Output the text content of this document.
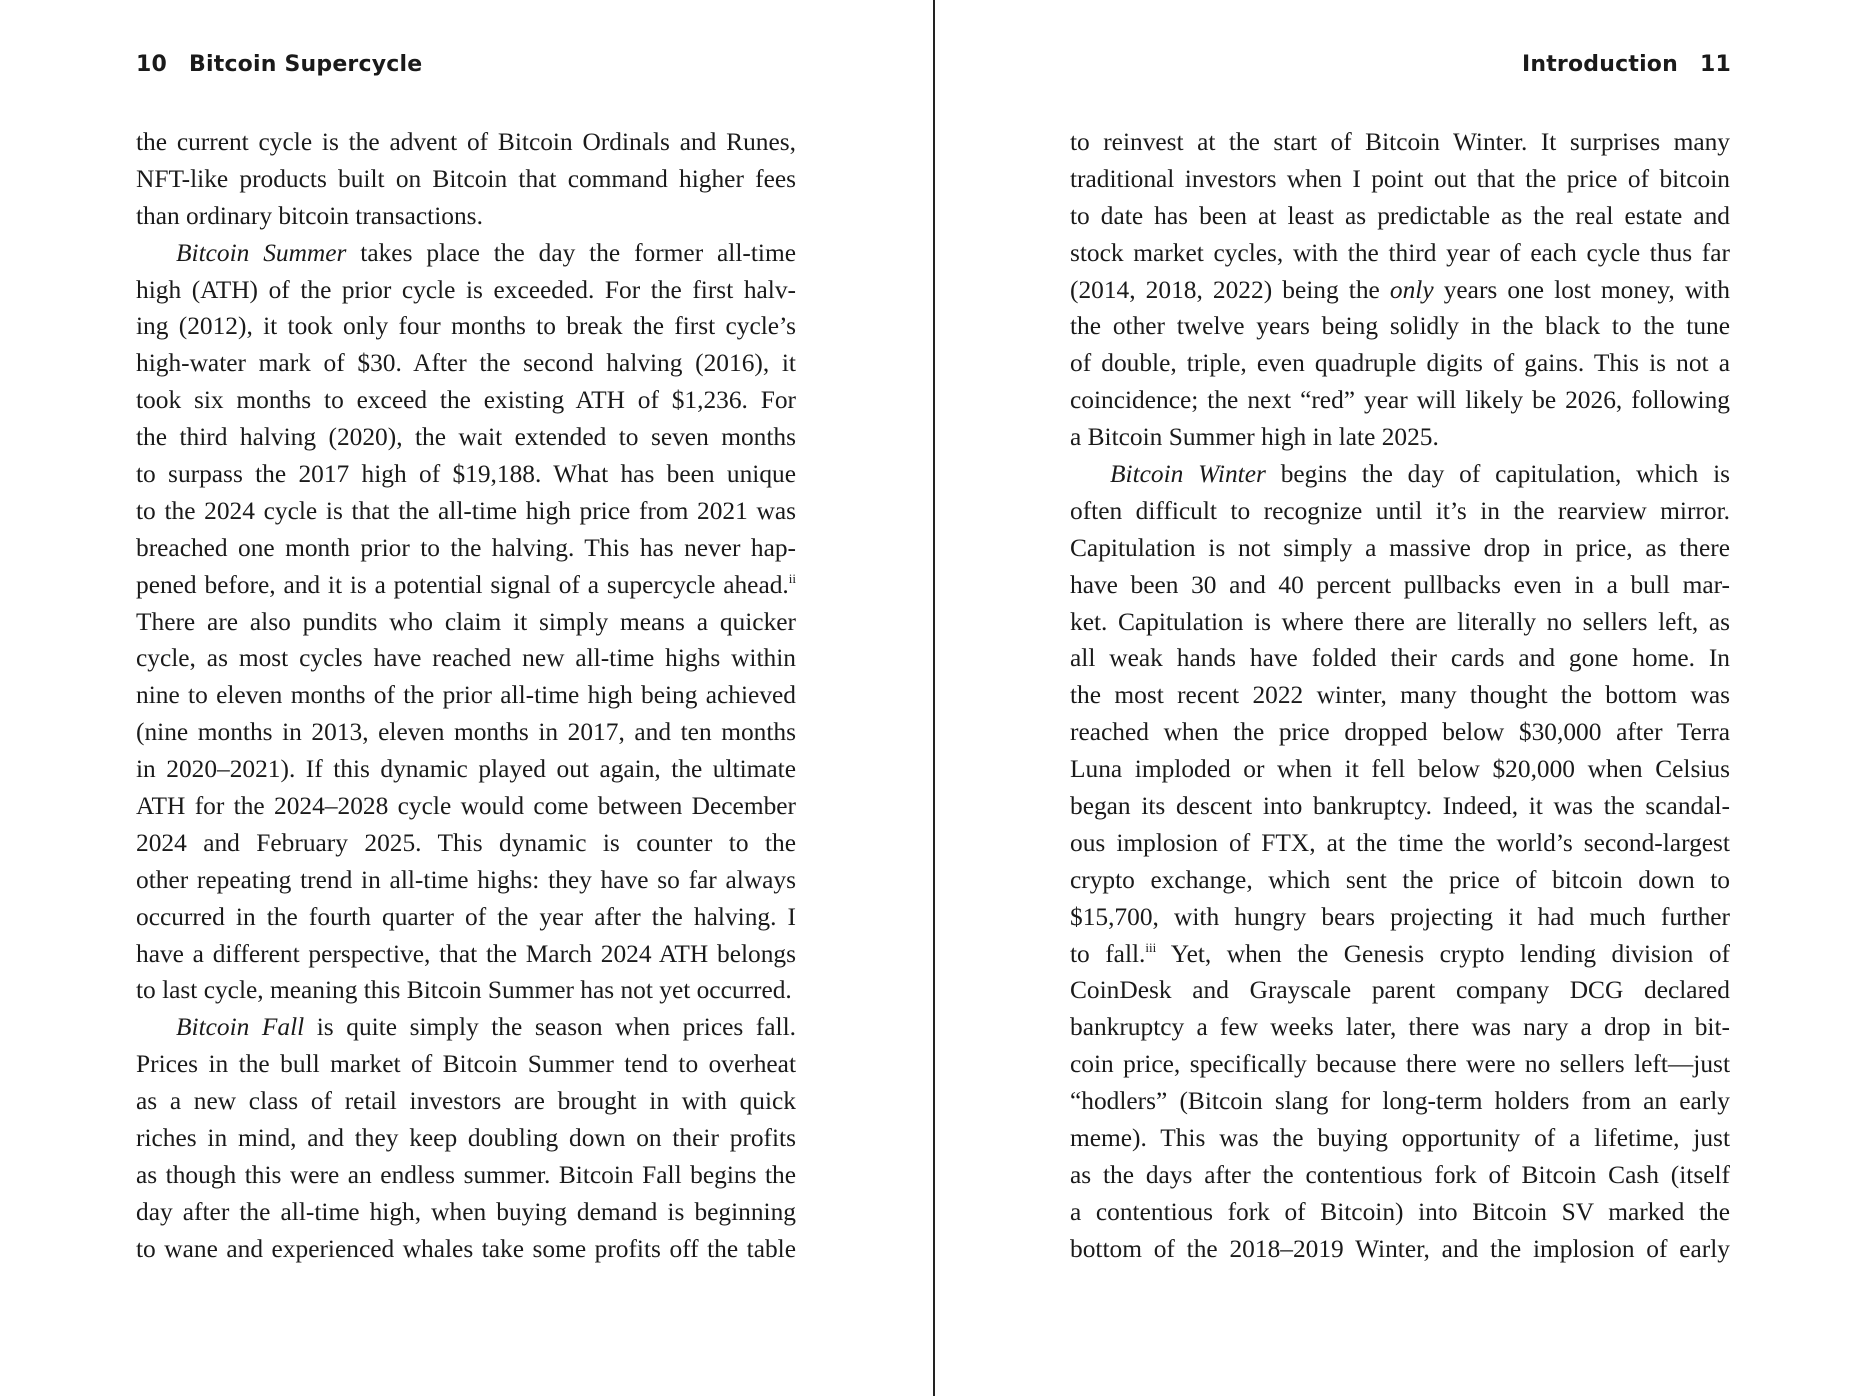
10 Bitcoin Supercycle	Introduction 11
the current cycle is the advent of Bitcoin Ordinals and Runes,
NFT-like products built on Bitcoin that command higher fees
than ordinary bitcoin transactions.
Bitcoin Summer takes place the day the former all-time
high (ATH) of the prior cycle is exceeded. For the first halv-
ing (2012), it took only four months to break the first cycle’s
high-water mark of $30. After the second halving (2016), it
took six months to exceed the existing ATH of $1,236. For
the third halving (2020), the wait extended to seven months
to surpass the 2017 high of $19,188. What has been unique
to the 2024 cycle is that the all-time high price from 2021 was
breached one month prior to the halving. This has never hap-
pened before, and it is a potential signal of a supercycle ahead.$^{ii}$
There are also pundits who claim it simply means a quicker
cycle, as most cycles have reached new all-time highs within
nine to eleven months of the prior all-time high being achieved
(nine months in 2013, eleven months in 2017, and ten months
in 2020–2021). If this dynamic played out again, the ultimate
ATH for the 2024–2028 cycle would come between December
2024 and February 2025. This dynamic is counter to the
other repeating trend in all-time highs: they have so far always
occurred in the fourth quarter of the year after the halving. I
have a different perspective, that the March 2024 ATH belongs
to last cycle, meaning this Bitcoin Summer has not yet occurred.
Bitcoin Fall is quite simply the season when prices fall.
Prices in the bull market of Bitcoin Summer tend to overheat
as a new class of retail investors are brought in with quick
riches in mind, and they keep doubling down on their profits
as though this were an endless summer. Bitcoin Fall begins the
day after the all-time high, when buying demand is beginning
to wane and experienced whales take some profits off the table
to reinvest at the start of Bitcoin Winter. It surprises many
traditional investors when I point out that the price of bitcoin
to date has been at least as predictable as the real estate and
stock market cycles, with the third year of each cycle thus far
(2014, 2018, 2022) being the only years one lost money, with
the other twelve years being solidly in the black to the tune
of double, triple, even quadruple digits of gains. This is not a
coincidence; the next “red” year will likely be 2026, following
a Bitcoin Summer high in late 2025.
Bitcoin Winter begins the day of capitulation, which is
often difficult to recognize until it’s in the rearview mirror.
Capitulation is not simply a massive drop in price, as there
have been 30 and 40 percent pullbacks even in a bull mar-
ket. Capitulation is where there are literally no sellers left, as
all weak hands have folded their cards and gone home. In
the most recent 2022 winter, many thought the bottom was
reached when the price dropped below $30,000 after Terra
Luna imploded or when it fell below $20,000 when Celsius
began its descent into bankruptcy. Indeed, it was the scandal-
ous implosion of FTX, at the time the world’s second-largest
crypto exchange, which sent the price of bitcoin down to
$15,700, with hungry bears projecting it had much further
to fall.$^{iii}$ Yet, when the Genesis crypto lending division of
CoinDesk and Grayscale parent company DCG declared
bankruptcy a few weeks later, there was nary a drop in bit-
coin price, specifically because there were no sellers left—just
“hodlers” (Bitcoin slang for long-term holders from an early
meme). This was the buying opportunity of a lifetime, just
as the days after the contentious fork of Bitcoin Cash (itself
a contentious fork of Bitcoin) into Bitcoin SV marked the
bottom of the 2018–2019 Winter, and the implosion of early
